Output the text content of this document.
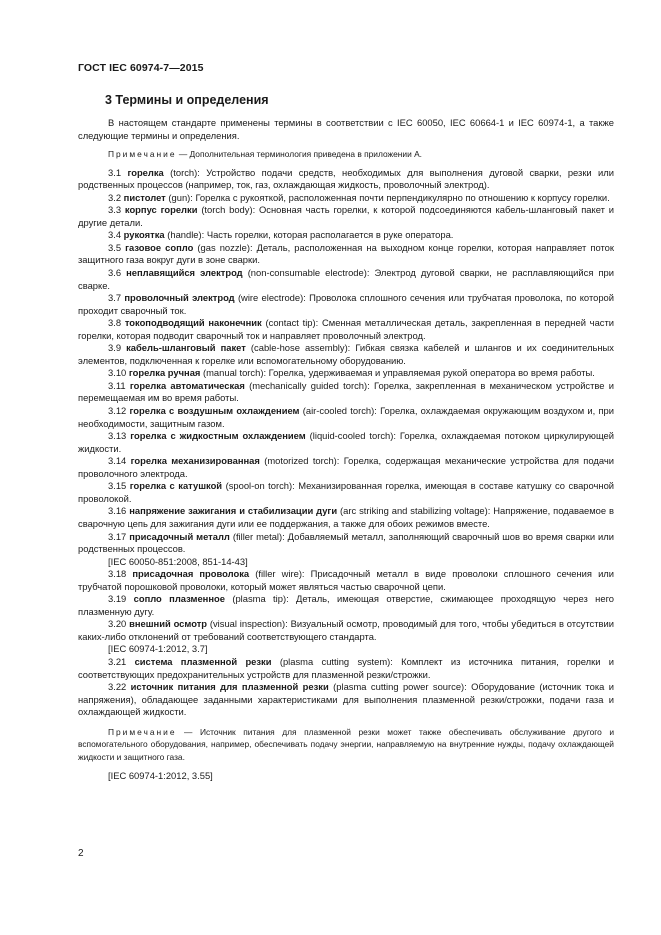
ГОСТ IEC 60974-7—2015
3 Термины и определения

В настоящем стандарте применены термины в соответствии с IEC 60050, IEC 60664-1 и IEC 60974-1, а также следующие термины и определения.

Примечание — Дополнительная терминология приведена в приложении А.

3.1 горелка (torch): Устройство подачи средств, необходимых для выполнения дуговой сварки, резки или родственных процессов (например, ток, газ, охлаждающая жидкость, проволочный электрод).

3.2 пистолет (gun): Горелка с рукояткой, расположенная почти перпендикулярно по отношению к корпусу горелки.

3.3 корпус горелки (torch body): Основная часть горелки, к которой подсоединяются кабель-шланговый пакет и другие детали.

3.4 рукоятка (handle): Часть горелки, которая располагается в руке оператора.

3.5 газовое сопло (gas nozzle): Деталь, расположенная на выходном конце горелки, которая направляет поток защитного газа вокруг дуги в зоне сварки.

3.6 неплавящийся электрод (non-consumable electrode): Электрод дуговой сварки, не расплавляющийся при сварке.

3.7 проволочный электрод (wire electrode): Проволока сплошного сечения или трубчатая проволока, по которой проходит сварочный ток.

3.8 токоподводящий наконечник (contact tip): Сменная металлическая деталь, закрепленная в передней части горелки, которая подводит сварочный ток и направляет проволочный электрод.

3.9 кабель-шланговый пакет (cable-hose assembly): Гибкая связка кабелей и шлангов и их соединительных элементов, подключенная к горелке или вспомогательному оборудованию.

3.10 горелка ручная (manual torch): Горелка, удерживаемая и управляемая рукой оператора во время работы.

3.11 горелка автоматическая (mechanically guided torch): Горелка, закрепленная в механическом устройстве и перемещаемая им во время работы.

3.12 горелка с воздушным охлаждением (air-cooled torch): Горелка, охлаждаемая окружающим воздухом и, при необходимости, защитным газом.

3.13 горелка с жидкостным охлаждением (liquid-cooled torch): Горелка, охлаждаемая потоком циркулирующей жидкости.

3.14 горелка механизированная (motorized torch): Горелка, содержащая механические устройства для подачи проволочного электрода.

3.15 горелка с катушкой (spool-on torch): Механизированная горелка, имеющая в составе катушку со сварочной проволокой.

3.16 напряжение зажигания и стабилизации дуги (arc striking and stabilizing voltage): Напряжение, подаваемое в сварочную цепь для зажигания дуги или ее поддержания, а также для обоих режимов вместе.

3.17 присадочный металл (filler metal): Добавляемый металл, заполняющий сварочный шов во время сварки или родственных процессов.

[IEC 60050-851:2008, 851-14-43]

3.18 присадочная проволока (filler wire): Присадочный металл в виде проволоки сплошного сечения или трубчатой порошковой проволоки, который может являться частью сварочной цепи.

3.19 сопло плазменное (plasma tip): Деталь, имеющая отверстие, сжимающее проходящую через него плазменную дугу.

3.20 внешний осмотр (visual inspection): Визуальный осмотр, проводимый для того, чтобы убедиться в отсутствии каких-либо отклонений от требований соответствующего стандарта.

[IEC 60974-1:2012, 3.7]

3.21 система плазменной резки (plasma cutting system): Комплект из источника питания, горелки и соответствующих предохранительных устройств для плазменной резки/строжки.

3.22 источник питания для плазменной резки (plasma cutting power source): Оборудование (источник тока и напряжения), обладающее заданными характеристиками для выполнения плазменной резки/строжки, подачи газа и охлаждающей жидкости.

Примечание — Источник питания для плазменной резки может также обеспечивать обслуживание другого и вспомогательного оборудования, например, обеспечивать подачу энергии, направляемую на внутренние нужды, подачу охлаждающей жидкости и защитного газа.

[IEC 60974-1:2012, 3.55]

2
